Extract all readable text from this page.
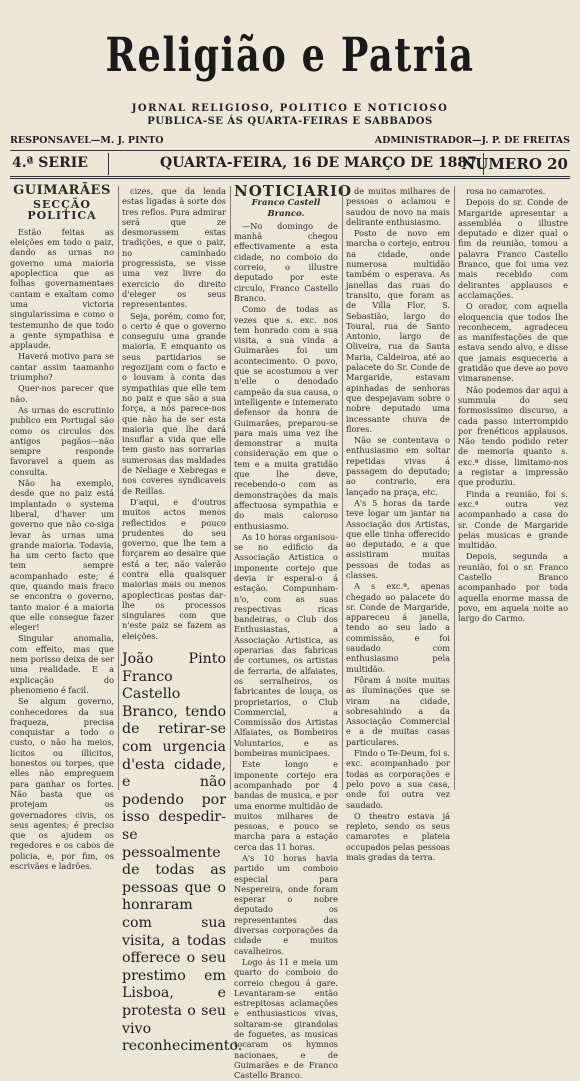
Religião e Patria
JORNAL RELIGIOSO, POLITICO E NOTICIOSO
PUBLICA-SE ÁS QUARTA-FEIRAS E SABBADOS
RESPONSAVEL—M. J. PINTO	ADMINISTRADOR—J. P. DE FREITAS
4.ª SERIE	QUARTA-FEIRA, 16 DE MARÇO DE 1887
NUMERO 20
GUIMARÃES
SECÇÃO POLITICA

Estão feitas as eleições em todo o paiz, dando as urnas no governo uma maioria apoplectica que as folhas governamentaes cantam e exaltam como uma victoria singularissima e como o testemunho de que todo a gente sympathisa e applaude.

Haverá motivo para se cantar assim taamanho triumpho?

Quer-nos parecer que não.

As urnas do escrutinio publico em Portugal são como os circulos dos antigos pagãos—não sempre responde favoravel a quem as consulta.

Não ha exemplo, desde que no paiz está implantado o systema liberal, d'haver um governo que não co-siga levar às urnas uma grande maioria. Todavia, ha um certo facto que tem sempre acompanhado este; é que, quando mais fraco se encontra o governo, tanto maior é a maioria que elle consegue fazer eleger!

Singular anomalia, com effeito, mas que nem porisso deixa de ser uma realidade. E a explicação do phenomeno é facil.

Se algum governo, conhecedores da sua fraqueza, precisa conquistar a todo o custo, o não ha meios, licitos ou illicitos, honestos ou torpes, que elles não empreguem para ganhar os fortes. Não basta que os protejam os governadores civis, os seus agentes; é preciso que os ajudem os regedores e os cabos de policia, e, por fim, os escrivães e ladrões.

cizes, que da lenda estas ligadas à sorte dos tres reflos. Pura admirar será que ze desmorassem estas tradições, e que o paiz, no caminhado progressista, se visse uma vez livre do exercicio do direito d'eleger os seus representantes.

Seja, porém, como for, o certo é que o governo conseguiu uma grande maioria. E emquanto os seus partidarios se regozijam com o facto e o louvam à conta das sympathias que elle tem no paiz e que são a sua força, a nós parece-nos que não ha de ser esta maioria que lhe dará insuflar a vida que elle tem gasto nas sorrarias sumerosas das maldades de Neliage e Xebregas e nos coveres syndicaveis de Reillas.

D'aqui, e d'outros muitos actos menos reflectidos e pouco prudentes do seu governo, que lhe tem a forçarem ao desaire que está a ter, não valerão contra ella quaisquer maiorias mais ou menos apoplecticas postas dar-lhe os processos singulares com que n'este paiz se fazem as eleições.

João Pinto Franco Castello Branco, tendo de retirar-se com urgencia d'esta cidade, e não podendo por isso despedir-se pessoalmente de todas as pessoas que o honraram com sua visita, a todas offerece o seu prestimo em Lisboa, e protesta o seu vivo reconhecimento.
NOTICIARIO
Franco Castell Branco.

—No domingo de manhã chegou effectivamente a esta cidade, no comboio do correio, o illustre deputado por este circulo, Franco Castello Branco.

Como de todas as vezes que s. exc. nos tem honrado com a sua visita, a sua vinda a Guimarães foi um acontecimento. O povo, que se acostumou a ver n'elle o denodado campeão da sua causa, o intelligente e intemerato defensor da honra de Guimarães, preparou-se para mais uma vez lhe demonstrar a muita consideração em que o tem e a muita gratidão que lhe deve, recebendo-o com as demonstrações da mais affectuosa sympathia e do mais caloroso enthusiasmo.

As 10 horas organisou-se no edificio da Associação Artistica o imponente cortejo que devia ir esperal-o á estação. Compunham-n'o, com as suas respectivas ricas bandeiras, o Club dos Enthusiastas, a Associação Artistica, as operarias das fabricas de cortumes, os artistas de ferraria, de alfaiates, os serralheiros, os fabricantes de louça, os proprietarios, o Club Commercial, a Commissão dos Artistas Alfaiates, os Bombeiros Voluntarios, e as bombeiras municipaes.

Este longo e imponente cortejo era acompanhado por 4 bandas de musica, e por uma enorme multidão de muitos milhares de pessoas, e pouco se marcha para a estação cerca das 11 horas.

A's 10 horas havia partido um comboio especial para Nespereira, onde foram esperar o nobre deputado os representantes das diversas corporações da cidade e muitos cavalheiros.

Logo ás 11 e meia um quarto do comboio do correio chegou á gare. Levantaram-se então estrepitosas aclamações e enthusiasticos vivas, soltaram-se girandolas de foguetes, as musicas tocaram os hymnos nacionaes, e de Guimarães e de Franco Castello Branco.

de muitos milhares de pessoas o aclamou e saudou de novo na mais delirante enthusiasmo.

Posto de novo em marcha o cortejo, entrou na cidade, onde numerosa multidão também o esperava. As janellas das ruas do transito, que foram as de Villa Flor, S. Sebastião, largo do Toural, rua de Santo Antonio, largo de Oliveira, rua da Santa Maria, Caldeiroa, até ao palacete do Sr. Conde de Margaride, estavam apinhadas de senhoras que despejavam sobre o nobre deputado uma incessante chuva de flores.

Não se contentava o enthusiasmo em soltar repetidas vivas á passagem do deputado; ao contrario, era lançado na praça, etc.

A's 5 horas da tarde teve logar um jantar na Associação dos Artistas, que elle tinha offerecido ao deputado, e a que assistiram muitas pessoas de todas as classes.

A s exc.ª, apenas chegado ao palacete do sr. Conde de Margaride, appareceu á janella, tendo ao seu lado a commissão, e foi saudado com enthusiasmo pela multidão.

Fôram á noite muitas as iluminações que se viram na cidade, sobresahindo a da Associação Commercial e a de muitas casas particulares.

Findo o Te-Deum, foi s. exc. acompanhado por todas as corporações e pelo povo a sua casa, onde foi outra vez saudado.

O theatro estava já repleto, sendo os seus camarotes e plateia occupados pelas pessoas mais gradas da terra.

rosa no camarotes.

Depois do sr. Conde de Margaride apresentar a assembléa o illustre deputado e dizer qual o fim da reunião, tomou a palavra Franco Castello Branco, que foi uma vez mais recebido com delirantes applausos e acclamações.

O orador, com aquella eloquencia que todos lhe reconhecem, agradeceu as manifestações de que estava sendo alvo, e disse que jamais esqueceria a gratidão que deve ao povo vimaranense.

Não podemos dar aqui a summula do seu formosissimo discurso, a cada passo interrompido por frenéticos applausos. Não tendo podido reter de memoria quanto s. exc.ª disse, limitamo-nos a registar a impressão que produziu.

Finda a reunião, foi s. exc.ª outra vez acompanhado a casa do sr. Conde de Margaride pelas musicas e grande multidão.

Depois, segunda a reunião, foi o sr. Franco Castello Branco acompanhado por toda aquella enorme massa de povo, em aquela noite ao largo do Carmo.
